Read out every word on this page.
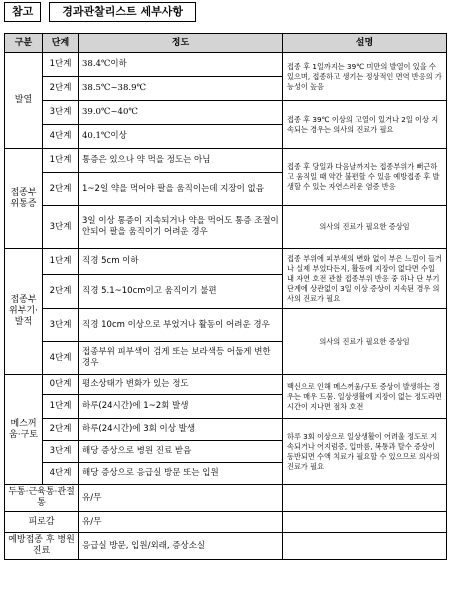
참고	경과관찰리스트 세부사항
구분	단계	정도	설명
발열	1단계	38.4℃이하	접종 후 1일까지는 39℃ 미만의 발열이 있을 수 있으며, 접종하고 생기는 정상적인 면역 반응의 가능성이 높음
	2단계	38.5℃~38.9℃	
	3단계	39.0℃~40℃	접종 후 39℃ 이상의 고열이 있거나 2일 이상 지속되는 경우는 의사의 진료가 필요
	4단계	40.1℃이상	
접종부위통증	1단계	통증은 있으나 약 먹을 정도는 아님	접종 후 당일과 다음날까지는 접종부위가 뻐근하고 움직일 때 약간 불편할 수 있음 예방접종 후 발생할 수 있는 자연스러운 염증 반응
	2단계	1~2일 약을 먹어야 팔을 움직이는데 지장이 없음	
	3단계	3일 이상 통증이 지속되거나 약을 먹어도 통증 조절이 안되어 팔을 움직이기 어려운 경우	의사의 진료가 필요한 증상임
접종부위부기·발적	1단계	직경 5cm 이하	접종 부위에 피부색의 변화 없이 부은 느낌이 들거나 실제 부었다든지, 활동에 지장이 없다면 수일 내 자연 호전 관찰 접종부위 반응 중 하나 단 부기 단계에 상관없이 3일 이상 증상이 지속된 경우 의사의 진료가 필요
	2단계	직경 5.1~10cm이고 움직이기 불편	
	3단계	직경 10cm 이상으로 부었거나 활동이 어려운 경우	의사의 진료가 필요한 증상임
	4단계	접종부위 피부색이 검게 또는 보라색등 어둡게 변한 경우	
메스꺼움·구토	0단계	평소상태가 변화가 있는 정도	백신으로 인해 메스꺼움/구토 증상이 발생하는 경우는 매우 드뭄. 일상생활에 지장이 없는 정도라면 시간이 지나면 점차 호전
	1단계	하루(24시간)에 1~2회 발생	
	2단계	하루(24시간)에 3회 이상 발생	하루 3회 이상으로 일상생활이 어려울 정도로 지속되거나 어지럼증, 입마름, 복통과 탈수 증상이 동반되면 수액 치료가 필요할 수 있으므로 의사의 진료가 필요
	3단계	해당 증상으로 병원 진료 받음	
	4단계	해당 증상으로 응급실 방문 또는 입원	
두통·근육통·관절통		유/무	
피로감		유/무	
예방접종 후 병원진료		응급실 방문, 입원/외래, 증상소실	
